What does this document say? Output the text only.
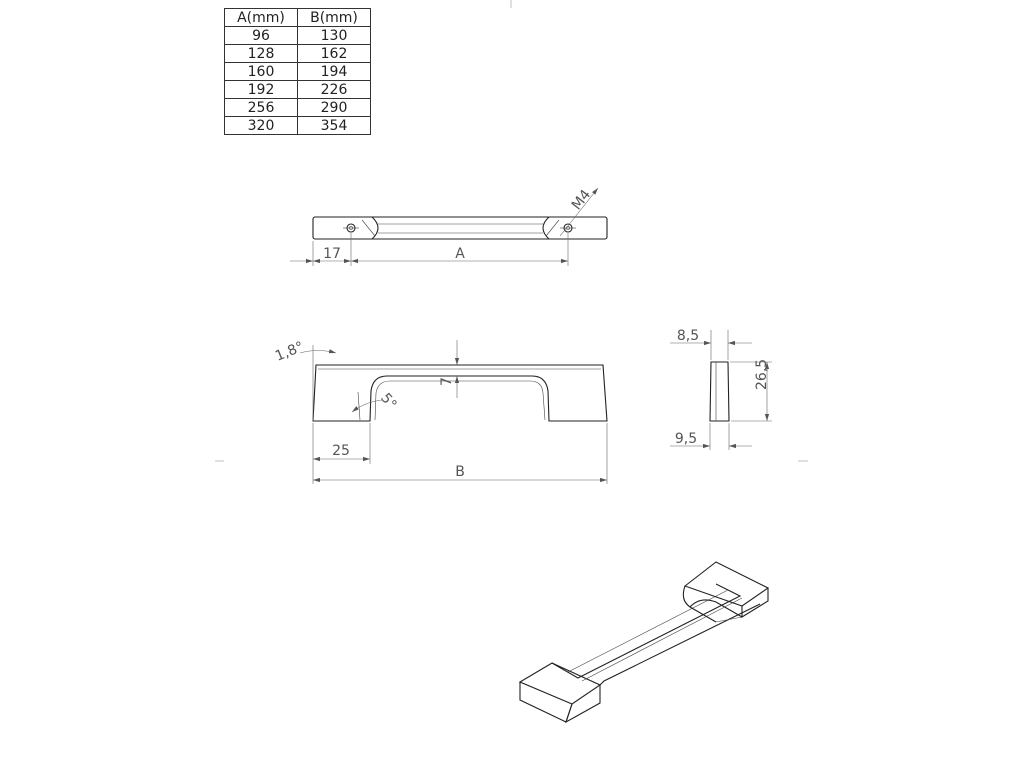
A(mm)	B(mm)
96	130
128	162
160	194
192	226
256	290
320	354
M4
17	A
7
1,8°
5°
25
B
8,5
26,5
9,5
